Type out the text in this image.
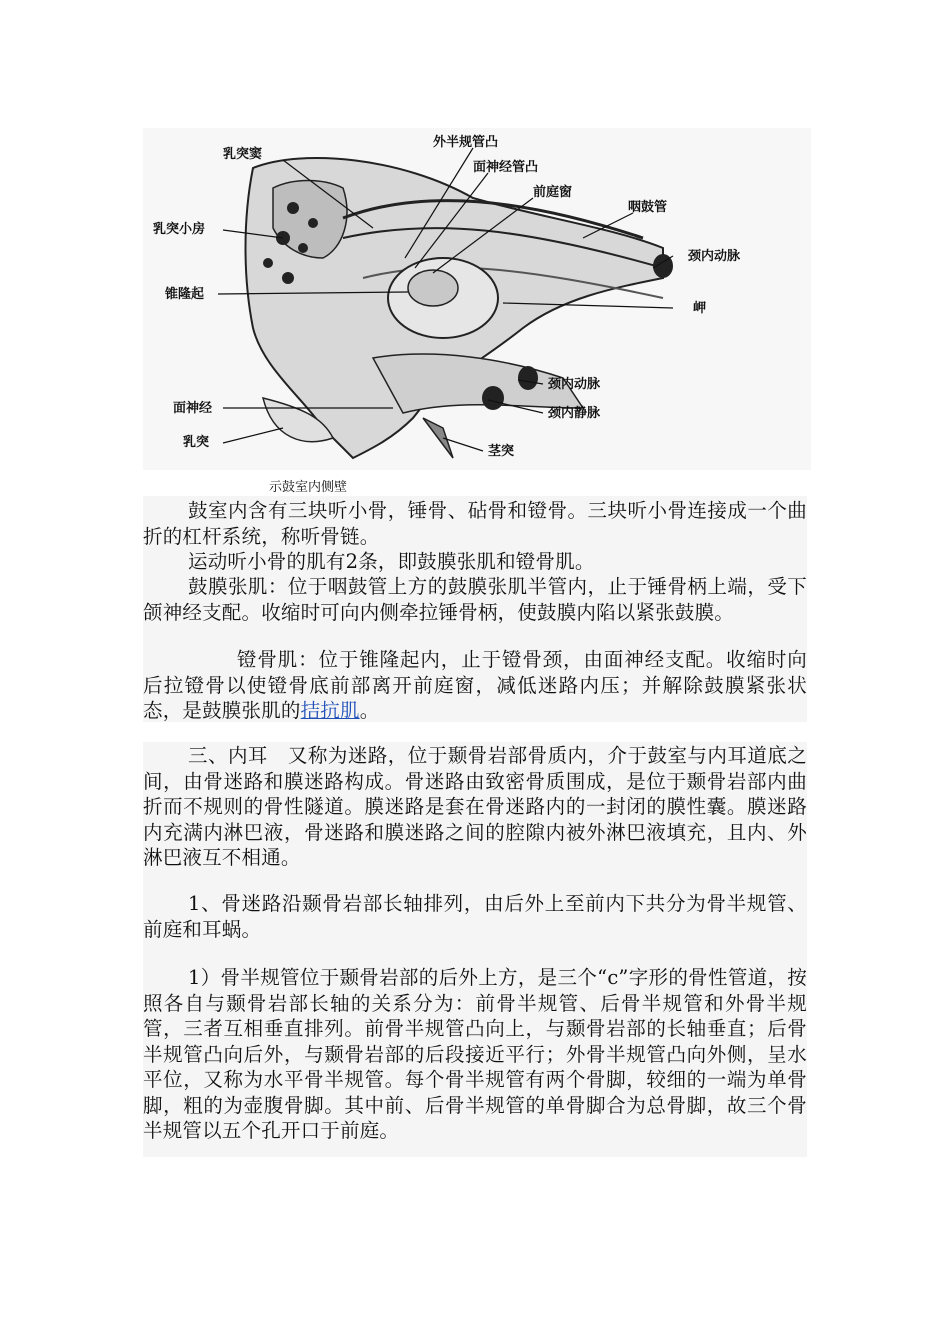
乳突窦
外半规管凸
面神经管凸
前庭窗
咽鼓管
乳突小房
颈内动脉
锥隆起
岬
颈内动脉
面神经	颈内静脉
乳突
茎突
示鼓室内侧壁

鼓室内含有三块听小骨，锤骨、砧骨和镫骨。三块听小骨连接成一个曲折的杠杆系统，称听骨链。

运动听小骨的肌有2条，即鼓膜张肌和镫骨肌。

鼓膜张肌：位于咽鼓管上方的鼓膜张肌半管内，止于锤骨柄上端，受下颌神经支配。收缩时可向内侧牵拉锤骨柄，使鼓膜内陷以紧张鼓膜。

镫骨肌：位于锥隆起内，止于镫骨颈，由面神经支配。收缩时向后拉镫骨以使镫骨底前部离开前庭窗，减低迷路内压；并解除鼓膜紧张状态，是鼓膜张肌的拮抗肌。

三、内耳　又称为迷路，位于颞骨岩部骨质内，介于鼓室与内耳道底之间，由骨迷路和膜迷路构成。骨迷路由致密骨质围成，是位于颞骨岩部内曲折而不规则的骨性隧道。膜迷路是套在骨迷路内的一封闭的膜性囊。膜迷路内充满内淋巴液，骨迷路和膜迷路之间的腔隙内被外淋巴液填充，且内、外淋巴液互不相通。

1、骨迷路沿颞骨岩部长轴排列，由后外上至前内下共分为骨半规管、前庭和耳蜗。

1）骨半规管位于颞骨岩部的后外上方，是三个“c”字形的骨性管道，按照各自与颞骨岩部长轴的关系分为：前骨半规管、后骨半规管和外骨半规管，三者互相垂直排列。前骨半规管凸向上，与颞骨岩部的长轴垂直；后骨半规管凸向后外，与颞骨岩部的后段接近平行；外骨半规管凸向外侧，呈水平位，又称为水平骨半规管。每个骨半规管有两个骨脚，较细的一端为单骨脚，粗的为壶腹骨脚。其中前、后骨半规管的单骨脚合为总骨脚，故三个骨半规管以五个孔开口于前庭。
